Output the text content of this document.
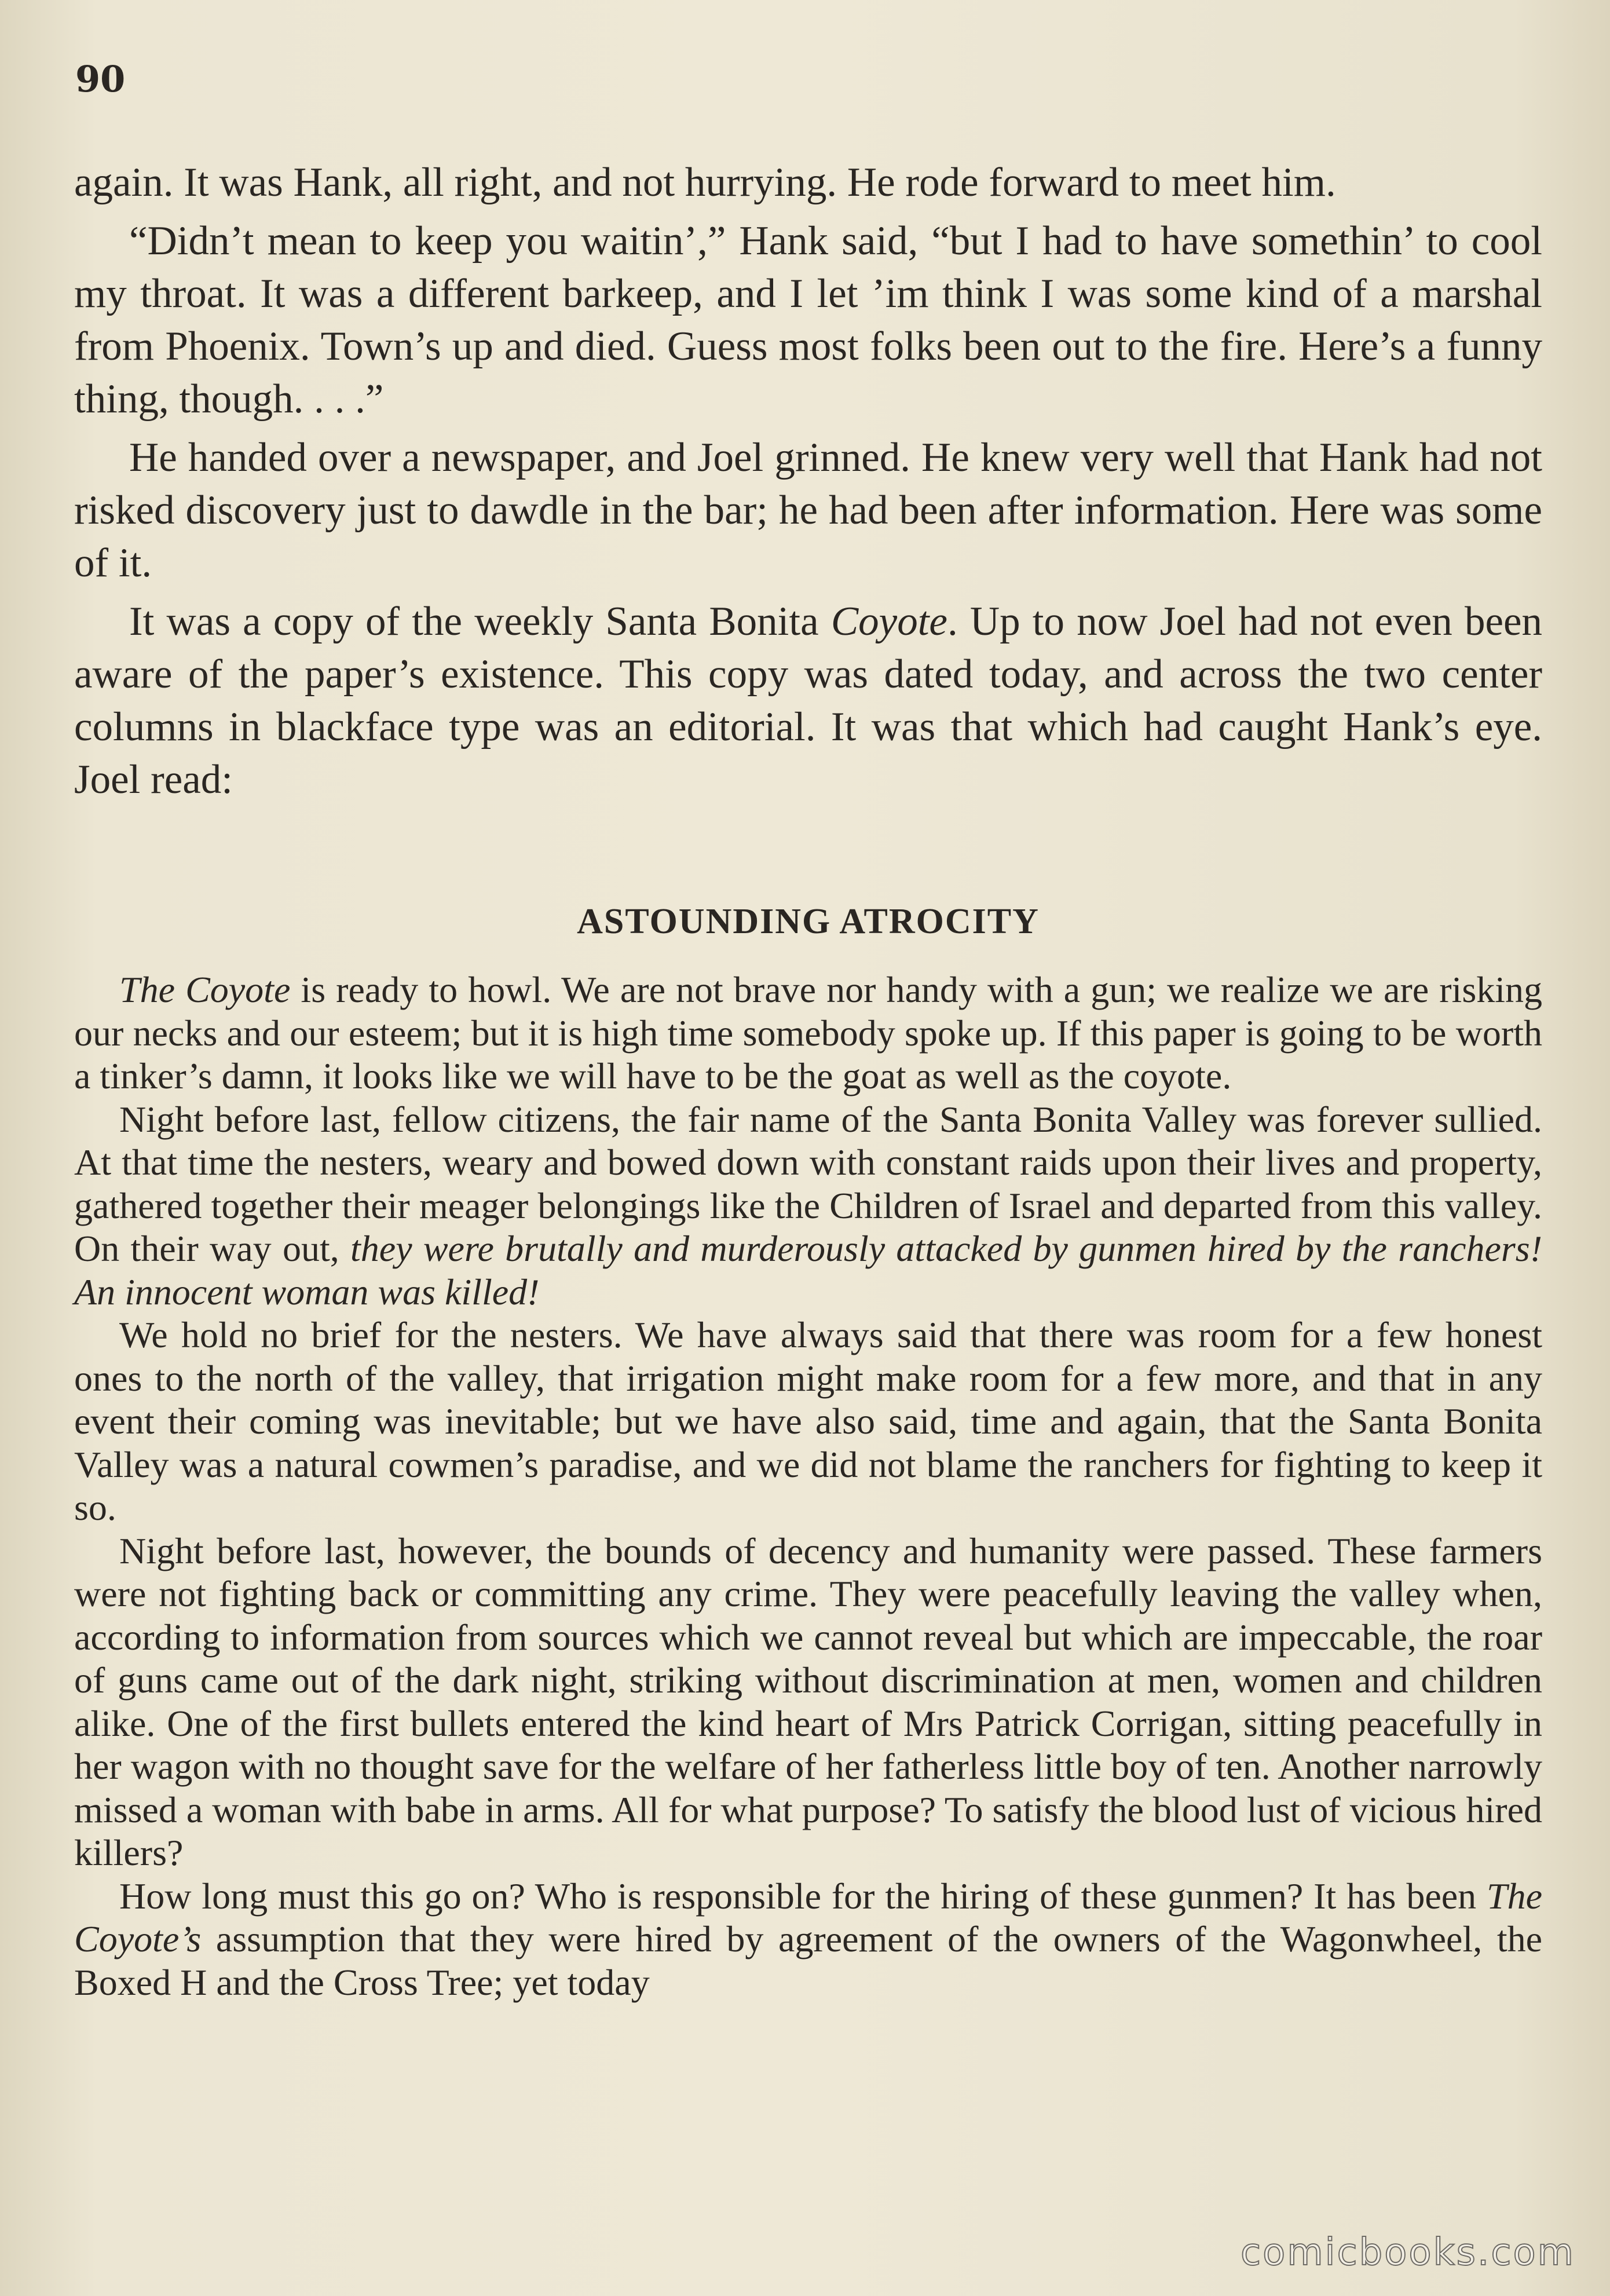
90

again. It was Hank, all right, and not hurrying. He rode forward to meet him.

“Didn’t mean to keep you waitin’,” Hank said, “but I had to have somethin’ to cool my throat. It was a different barkeep, and I let ’im think I was some kind of a marshal from Phoenix. Town’s up and died. Guess most folks been out to the fire. Here’s a funny thing, though. . . .”

He handed over a newspaper, and Joel grinned. He knew very well that Hank had not risked discovery just to dawdle in the bar; he had been after information. Here was some of it.

It was a copy of the weekly Santa Bonita Coyote. Up to now Joel had not even been aware of the paper’s existence. This copy was dated today, and across the two center columns in blackface type was an editorial. It was that which had caught Hank’s eye. Joel read:

ASTOUNDING ATROCITY

The Coyote is ready to howl. We are not brave nor handy with a gun; we realize we are risking our necks and our esteem; but it is high time somebody spoke up. If this paper is going to be worth a tinker’s damn, it looks like we will have to be the goat as well as the coyote.

Night before last, fellow citizens, the fair name of the Santa Bonita Valley was forever sullied. At that time the nesters, weary and bowed down with constant raids upon their lives and property, gathered together their meager belongings like the Children of Israel and departed from this valley. On their way out, they were brutally and murderously attacked by gunmen hired by the ranchers! An innocent woman was killed!

We hold no brief for the nesters. We have always said that there was room for a few honest ones to the north of the valley, that irrigation might make room for a few more, and that in any event their coming was inevitable; but we have also said, time and again, that the Santa Bonita Valley was a natural cowmen’s paradise, and we did not blame the ranchers for fighting to keep it so.

Night before last, however, the bounds of decency and humanity were passed. These farmers were not fighting back or committing any crime. They were peacefully leaving the valley when, according to information from sources which we cannot reveal but which are impeccable, the roar of guns came out of the dark night, striking without discrimination at men, women and children alike. One of the first bullets entered the kind heart of Mrs Patrick Corrigan, sitting peacefully in her wagon with no thought save for the welfare of her fatherless little boy of ten. Another narrowly missed a woman with babe in arms. All for what purpose? To satisfy the blood lust of vicious hired killers?

How long must this go on? Who is responsible for the hiring of these gunmen? It has been The Coyote’s assumption that they were hired by agreement of the owners of the Wagonwheel, the Boxed H and the Cross Tree; yet today

comicbooks.com
